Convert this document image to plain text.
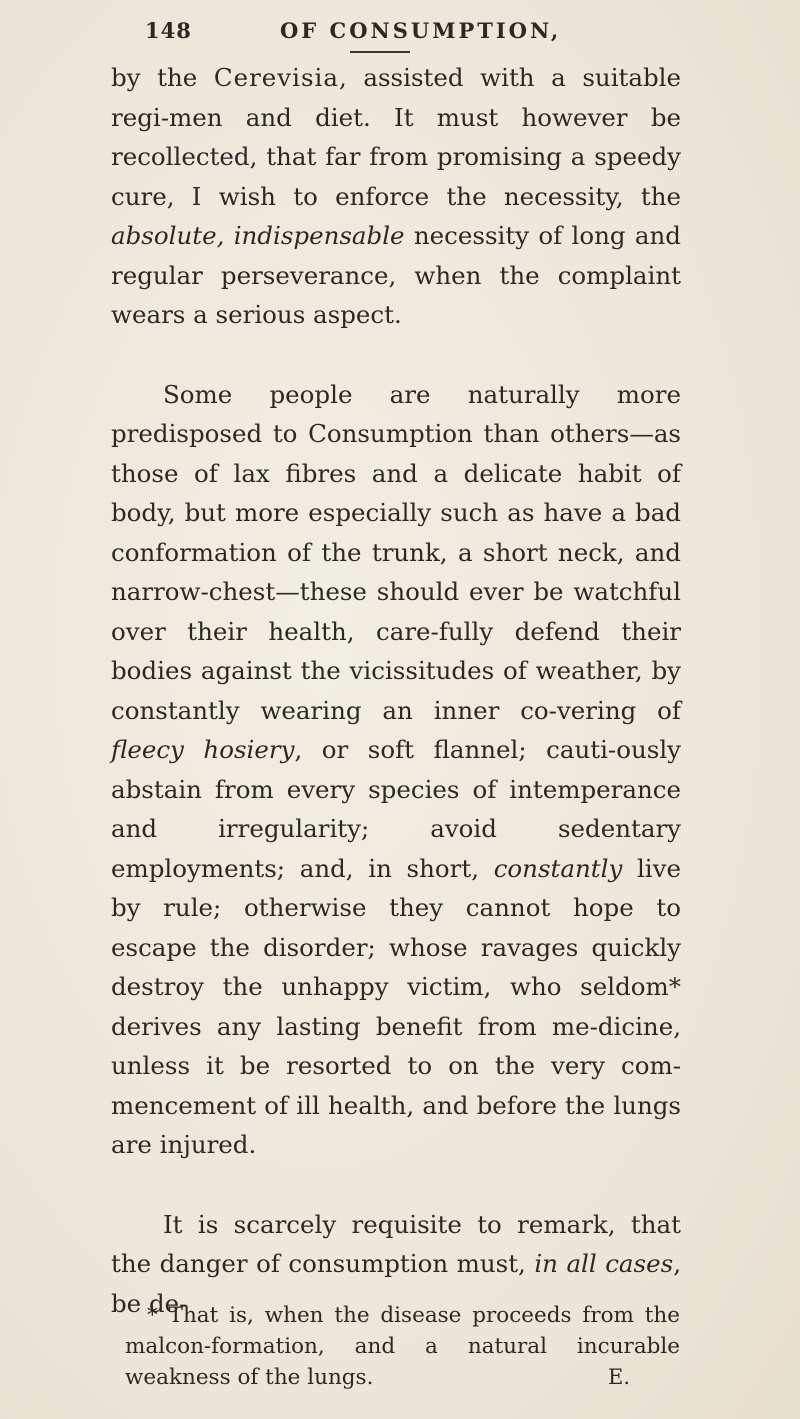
148	OF CONSUMPTION,

by the Cerevisia, assisted with a suitable regi-men and diet. It must however be recollected, that far from promising a speedy cure, I wish to enforce the necessity, the absolute, indispensable necessity of long and regular perseverance, when the complaint wears a serious aspect.

Some people are naturally more predisposed to Consumption than others—as those of lax fibres and a delicate habit of body, but more especially such as have a bad conformation of the trunk, a short neck, and narrow-chest—these should ever be watchful over their health, care-fully defend their bodies against the vicissitudes of weather, by constantly wearing an inner co-vering of fleecy hosiery, or soft flannel; cauti-ously abstain from every species of intemperance and irregularity; avoid sedentary employments; and, in short, constantly live by rule; otherwise they cannot hope to escape the disorder; whose ravages quickly destroy the unhappy victim, who seldom* derives any lasting benefit from me-dicine, unless it be resorted to on the very com-mencement of ill health, and before the lungs are injured.

It is scarcely requisite to remark, that the danger of consumption must, in all cases, be de-

* That is, when the disease proceeds from the malcon-formation, and a natural incurable weakness of the lungs.	E.
